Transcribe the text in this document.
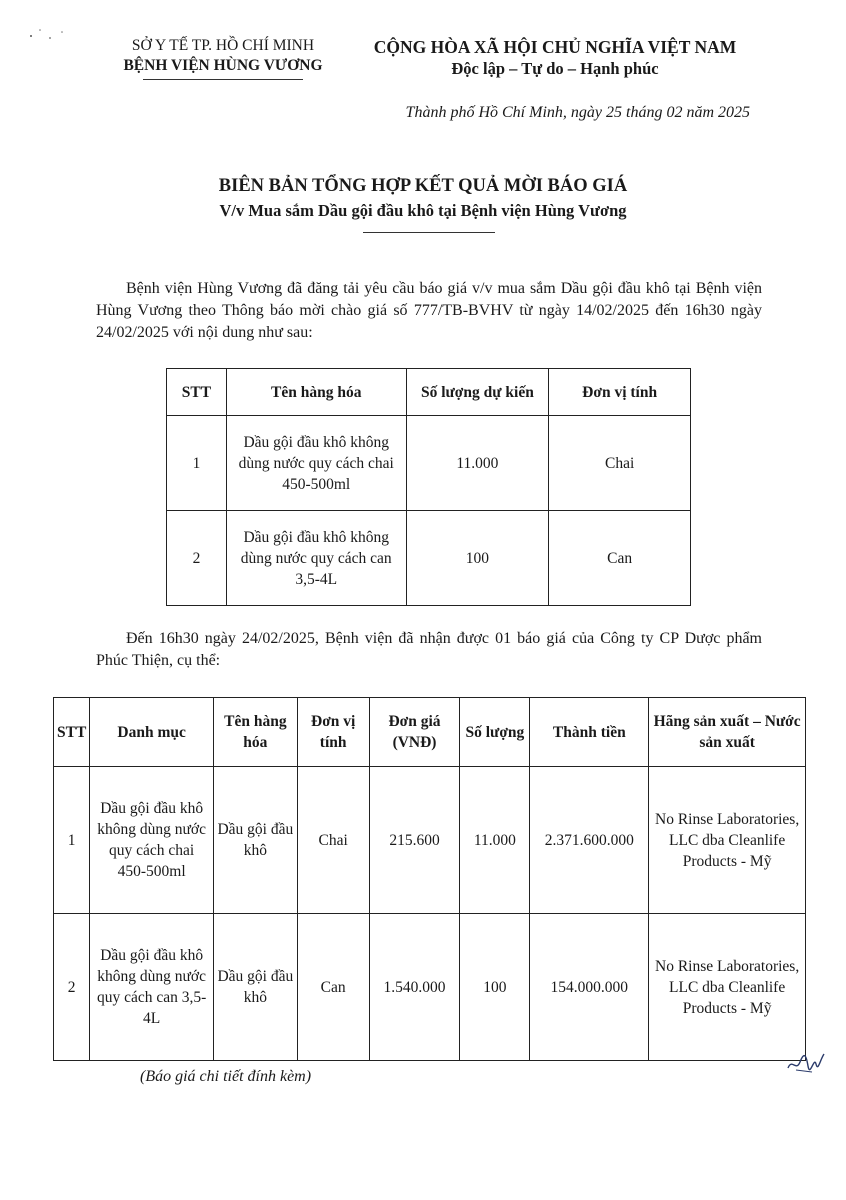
SỞ Y TẾ TP. HỒ CHÍ MINH
BỆNH VIỆN HÙNG VƯƠNG
CỘNG HÒA XÃ HỘI CHỦ NGHĨA VIỆT NAM
Độc lập – Tự do – Hạnh phúc
Thành phố Hồ Chí Minh, ngày 25 tháng 02 năm 2025
BIÊN BẢN TỔNG HỢP KẾT QUẢ MỜI BÁO GIÁ
V/v Mua sắm Dầu gội đầu khô tại Bệnh viện Hùng Vương
Bệnh viện Hùng Vương đã đăng tải yêu cầu báo giá v/v mua sắm Dầu gội đầu khô tại Bệnh viện Hùng Vương theo Thông báo mời chào giá số 777/TB-BVHV từ ngày 14/02/2025 đến 16h30 ngày 24/02/2025 với nội dung như sau:
STT	Tên hàng hóa	Số lượng dự kiến	Đơn vị tính
1	Dầu gội đầu khô không dùng nước quy cách chai 450-500ml	11.000	Chai
2	Dầu gội đầu khô không dùng nước quy cách can 3,5-4L	100	Can
Đến 16h30 ngày 24/02/2025, Bệnh viện đã nhận được 01 báo giá của Công ty CP Dược phẩm Phúc Thiện, cụ thể:
STT	Danh mục	Tên hàng hóa	Đơn vị tính	Đơn giá (VNĐ)	Số lượng	Thành tiền	Hãng sản xuất – Nước sản xuất
1	Dầu gội đầu khô không dùng nước quy cách chai 450-500ml	Dầu gội đầu khô	Chai	215.600	11.000	2.371.600.000	No Rinse Laboratories, LLC dba Cleanlife Products - Mỹ
2	Dầu gội đầu khô không dùng nước quy cách can 3,5-4L	Dầu gội đầu khô	Can	1.540.000	100	154.000.000	No Rinse Laboratories, LLC dba Cleanlife Products - Mỹ
(Báo giá chi tiết đính kèm)
